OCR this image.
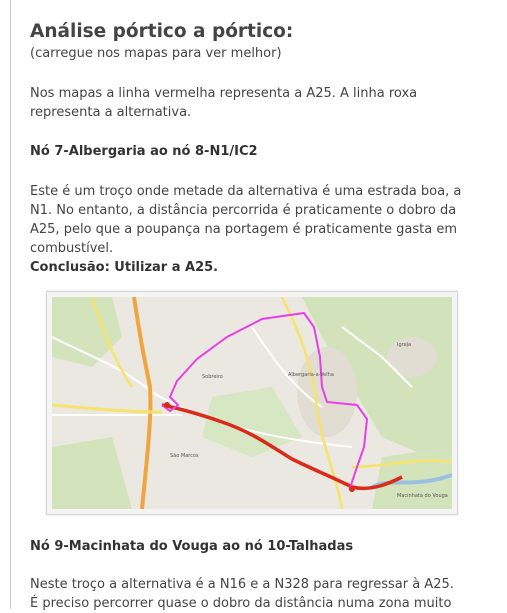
Análise pórtico a pórtico:

(carregue nos mapas para ver melhor)

Nos mapas a linha vermelha representa a A25. A linha roxa representa a alternativa.

Nó 7-Albergaria ao nó 8-N1/IC2

Este é um troço onde metade da alternativa é uma estrada boa, a

N1. No entanto, a distância percorrida é praticamente o dobro da

A25, pelo que a poupança na portagem é praticamente gasta em

combustível.

Conclusão: Utilizar a A25.

Albergaria-a-Velha
Igreja
Sobreiro
São Marcos
Macinhata do Vouga
Nó 9-Macinhata do Vouga ao nó 10-Talhadas

Neste troço a alternativa é a N16 e a N328 para regressar à A25.

É preciso percorrer quase o dobro da distância numa zona muito
